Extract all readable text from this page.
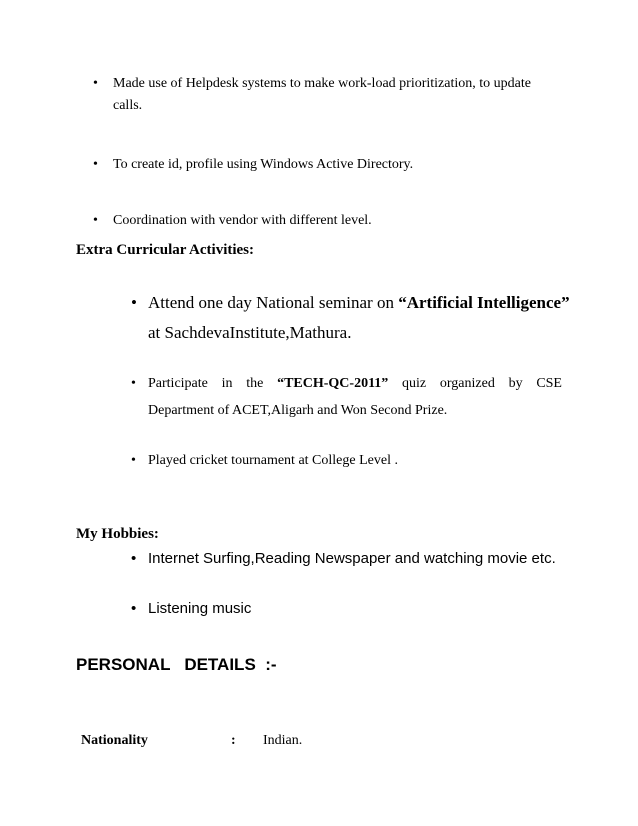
•	Made use of Helpdesk systems to make work-load prioritization, to update
calls.
•	To create id, profile using Windows Active Directory.
•	Coordination with vendor with different level.
Extra Curricular Activities:
• Attend one day National seminar on “Artificial Intelligence”
at SachdevaInstitute,Mathura.
• Participate in the “TECH-QC-2011” quiz organized by CSE
Department of ACET,Aligarh and Won Second Prize.
• Played cricket tournament at College Level .
My Hobbies:
• Internet Surfing,Reading Newspaper and watching movie etc.
• Listening music
PERSONAL   DETAILS  :-
Nationality	: Indian.
